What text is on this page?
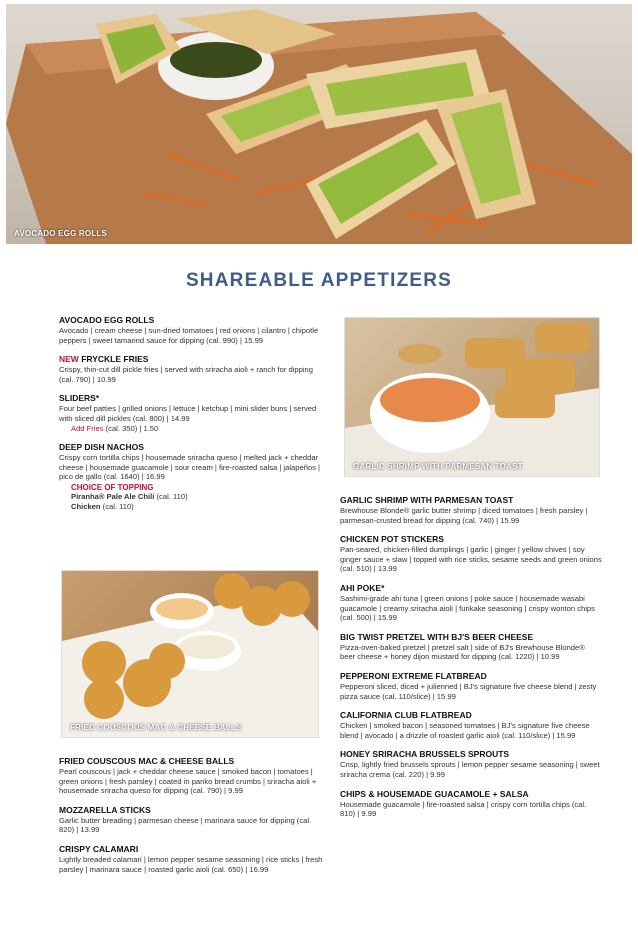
AVOCADO EGG ROLLS
SHAREABLE APPETIZERS

AVOCADO EGG ROLLS

Avocado | cream cheese | sun-dried tomatoes | red onions | cilantro | chipotle peppers | sweet tamarind sauce for dipping (cal. 990) | 15.99

NEW FRYCKLE FRIES

Crispy, thin-cut dill pickle fries | served with sriracha aioli + ranch for dipping (cal. 790) | 10.99

SLIDERS*

Four beef patties | grilled onions | lettuce | ketchup | mini slider buns | served with sliced dill pickles (cal. 800) | 14.99

Add Fries (cal. 350) | 1.50

DEEP DISH NACHOS

Crispy corn tortilla chips | housemade sriracha queso | melted jack + cheddar cheese | housemade guacamole | sour cream | fire-roasted salsa | jalapeños | pico de gallo (cal. 1640) | 16.99

CHOICE OF TOPPING

Piranha® Pale Ale Chili (cal. 110)

Chicken (cal. 110)

FRIED COUSCOUS MAC & CHEESE BALLS

FRIED COUSCOUS MAC & CHEESE BALLS

Pearl couscous | jack + cheddar cheese sauce | smoked bacon | tomatoes | green onions | fresh parsley | coated in panko bread crumbs | sriracha aioli + housemade sriracha queso for dipping (cal. 790) | 9.99

MOZZARELLA STICKS

Garlic butter breading | parmesan cheese | marinara sauce for dipping (cal. 820) | 13.99

CRISPY CALAMARI

Lightly breaded calamari | lemon pepper sesame seasoning | rice sticks | fresh parsley | marinara sauce | roasted garlic aioli (cal. 650) | 16.99

GARLIC SHRIMP WITH PARMESAN TOAST

GARLIC SHRIMP WITH PARMESAN TOAST

Brewhouse Blonde® garlic butter shrimp | diced tomatoes | fresh parsley | parmesan-crusted bread for dipping (cal. 740) | 15.99

CHICKEN POT STICKERS

Pan-seared, chicken-filled dumplings | garlic | ginger | yellow chives | soy ginger sauce + slaw | topped with rice sticks, sesame seeds and green onions (cal. 510) | 13.99

AHI POKE*

Sashimi-grade ahi tuna | green onions | poke sauce | housemade wasabi guacamole | creamy sriracha aioli | furikake seasoning | crispy wonton chips (cal. 500) | 15.99

BIG TWIST PRETZEL WITH BJ'S BEER CHEESE

Pizza-oven-baked pretzel | pretzel salt | side of BJ's Brewhouse Blonde® beer cheese + honey dijon mustard for dipping (cal. 1220) | 10.99

PEPPERONI EXTREME FLATBREAD

Pepperoni sliced, diced + julienned | BJ's signature five cheese blend | zesty pizza sauce (cal. 110/slice) | 15.99

CALIFORNIA CLUB FLATBREAD

Chicken | smoked bacon | seasoned tomatoes | BJ's signature five cheese blend | avocado | a drizzle of roasted garlic aioli (cal. 110/slice) | 15.99

HONEY SRIRACHA BRUSSELS SPROUTS

Crisp, lightly fried brussels sprouts | lemon pepper sesame seasoning | sweet sriracha crema (cal. 220) | 9.99

CHIPS & HOUSEMADE GUACAMOLE + SALSA

Housemade guacamole | fire-roasted salsa | crispy corn tortilla chips (cal. 810) | 9.99
